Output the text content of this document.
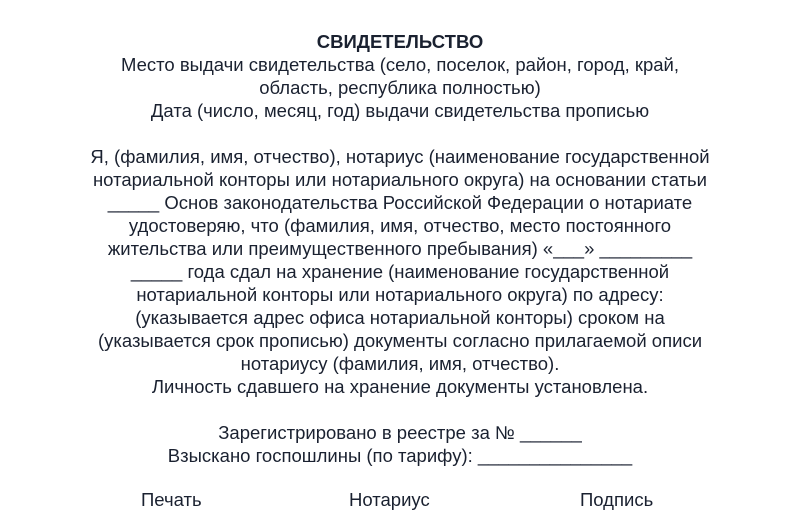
СВИДЕТЕЛЬСТВО
Место выдачи свидетельства (село, поселок, район, город, край,
область, республика полностью)
Дата (число, месяц, год) выдачи свидетельства прописью
Я, (фамилия, имя, отчество), нотариус (наименование государственной
нотариальной конторы или нотариального округа) на основании статьи
_____ Основ законодательства Российской Федерации о нотариате
удостоверяю, что (фамилия, имя, отчество, место постоянного
жительства или преимущественного пребывания) «___» _________
_____ года сдал на хранение (наименование государственной
нотариальной конторы или нотариального округа) по адресу:
(указывается адрес офиса нотариальной конторы) сроком на
(указывается срок прописью) документы согласно прилагаемой описи
нотариусу (фамилия, имя, отчество).
Личность сдавшего на хранение документы установлена.
Зарегистрировано в реестре за № ______
Взыскано госпошлины (по тарифу): _______________
Печать	Нотариус	Подпись
